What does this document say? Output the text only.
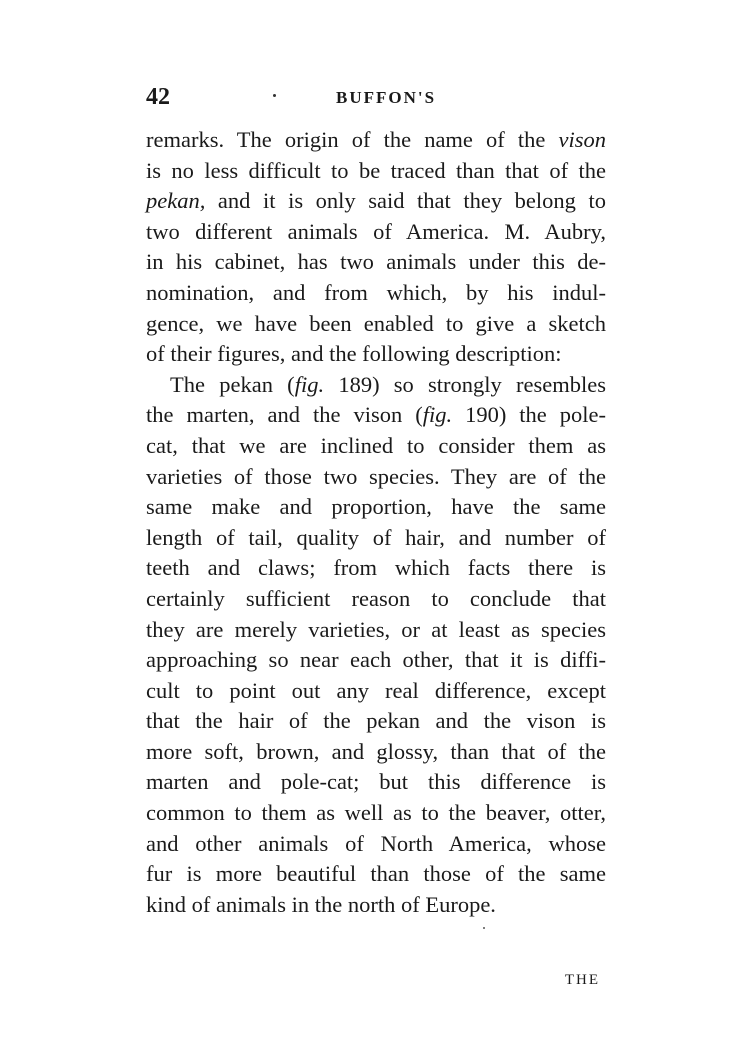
42	BUFFON'S
remarks. The origin of the name of the vison
is no less difficult to be traced than that of the
pekan, and it is only said that they belong to
two different animals of America. M. Aubry,
in his cabinet, has two animals under this de-
nomination, and from which, by his indul-
gence, we have been enabled to give a sketch
of their figures, and the following description:
The pekan (fig. 189) so strongly resembles
the marten, and the vison (fig. 190) the pole-
cat, that we are inclined to consider them as
varieties of those two species. They are of the
same make and proportion, have the same
length of tail, quality of hair, and number of
teeth and claws; from which facts there is
certainly sufficient reason to conclude that
they are merely varieties, or at least as species
approaching so near each other, that it is diffi-
cult to point out any real difference, except
that the hair of the pekan and the vison is
more soft, brown, and glossy, than that of the
marten and pole-cat; but this difference is
common to them as well as to the beaver, otter,
and other animals of North America, whose
fur is more beautiful than those of the same
kind of animals in the north of Europe.
THE
